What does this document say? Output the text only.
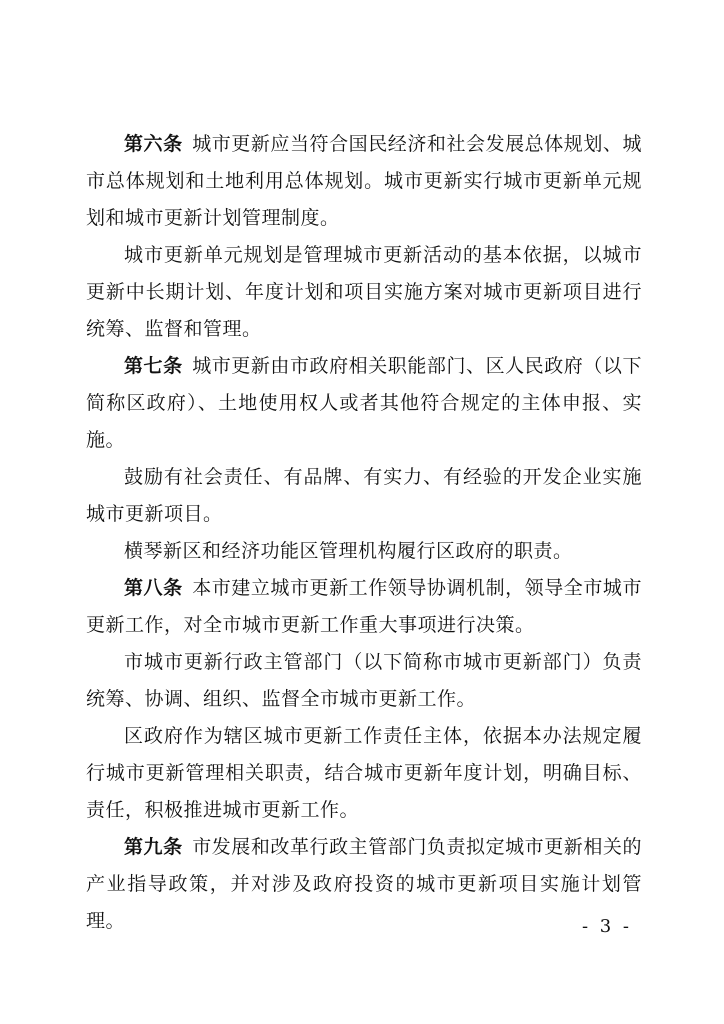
第六条 城市更新应当符合国民经济和社会发展总体规划、城市总体规划和土地利用总体规划。城市更新实行城市更新单元规划和城市更新计划管理制度。

城市更新单元规划是管理城市更新活动的基本依据，以城市更新中长期计划、年度计划和项目实施方案对城市更新项目进行统筹、监督和管理。

第七条 城市更新由市政府相关职能部门、区人民政府（以下简称区政府）、土地使用权人或者其他符合规定的主体申报、实施。

鼓励有社会责任、有品牌、有实力、有经验的开发企业实施城市更新项目。

横琴新区和经济功能区管理机构履行区政府的职责。

第八条 本市建立城市更新工作领导协调机制，领导全市城市更新工作，对全市城市更新工作重大事项进行决策。

市城市更新行政主管部门（以下简称市城市更新部门）负责统筹、协调、组织、监督全市城市更新工作。

区政府作为辖区城市更新工作责任主体，依据本办法规定履行城市更新管理相关职责，结合城市更新年度计划，明确目标、责任，积极推进城市更新工作。

第九条 市发展和改革行政主管部门负责拟定城市更新相关的产业指导政策，并对涉及政府投资的城市更新项目实施计划管理。	- 3 -
